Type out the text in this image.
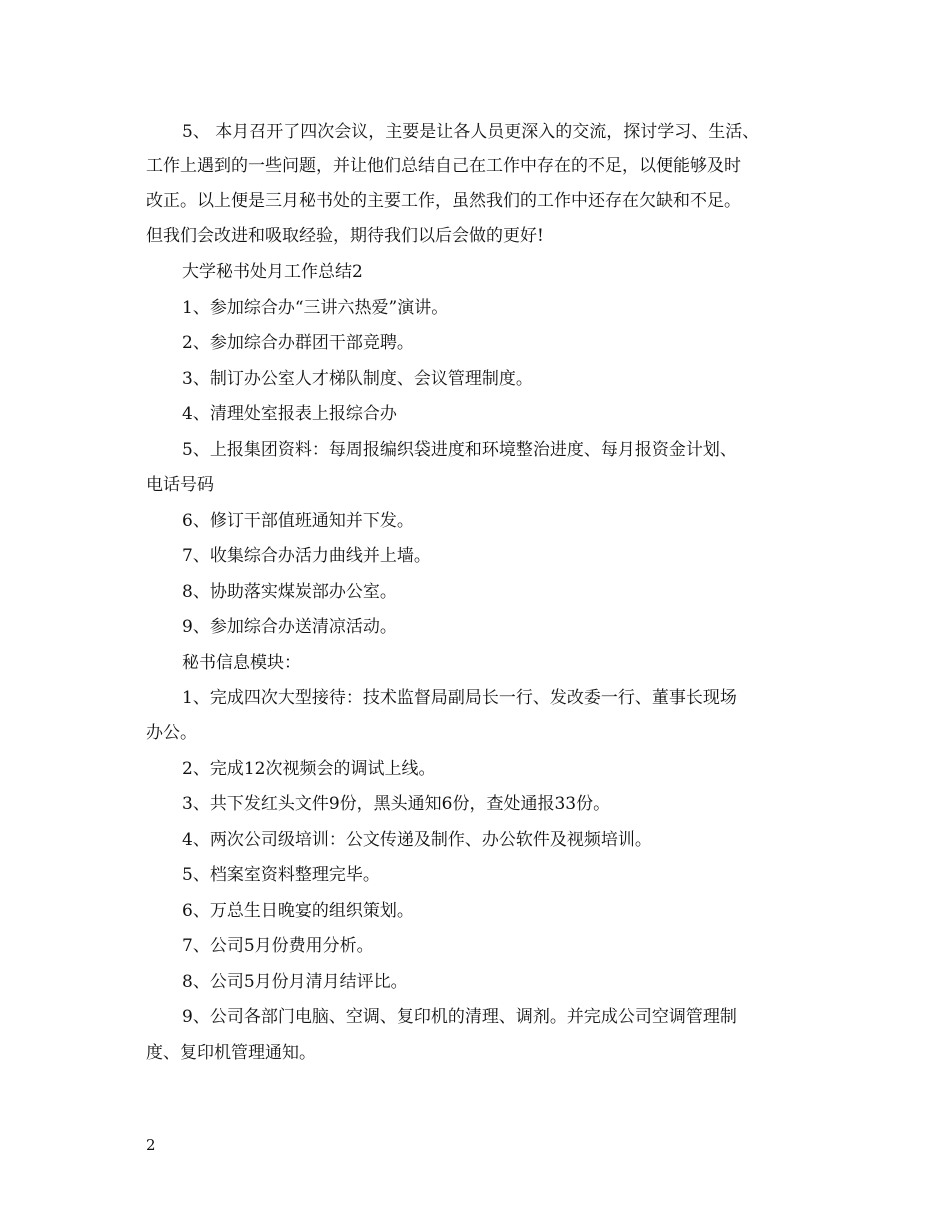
5、 本月召开了四次会议，主要是让各人员更深入的交流，探讨学习、生活、
工作上遇到的一些问题，并让他们总结自己在工作中存在的不足，以便能够及时
改正。以上便是三月秘书处的主要工作，虽然我们的工作中还存在欠缺和不足。
但我们会改进和吸取经验，期待我们以后会做的更好!
大学秘书处月工作总结2
1、参加综合办“三讲六热爱”演讲。
2、参加综合办群团干部竞聘。
3、制订办公室人才梯队制度、会议管理制度。
4、清理处室报表上报综合办
5、上报集团资料：每周报编织袋进度和环境整治进度、每月报资金计划、
电话号码
6、修订干部值班通知并下发。
7、收集综合办活力曲线并上墙。
8、协助落实煤炭部办公室。
9、参加综合办送清凉活动。
秘书信息模块：
1、完成四次大型接待：技术监督局副局长一行、发改委一行、董事长现场
办公。
2、完成12次视频会的调试上线。
3、共下发红头文件9份，黑头通知6份，查处通报33份。
4、两次公司级培训：公文传递及制作、办公软件及视频培训。
5、档案室资料整理完毕。
6、万总生日晚宴的组织策划。
7、公司5月份费用分析。
8、公司5月份月清月结评比。
9、公司各部门电脑、空调、复印机的清理、调剂。并完成公司空调管理制
度、复印机管理通知。
2
